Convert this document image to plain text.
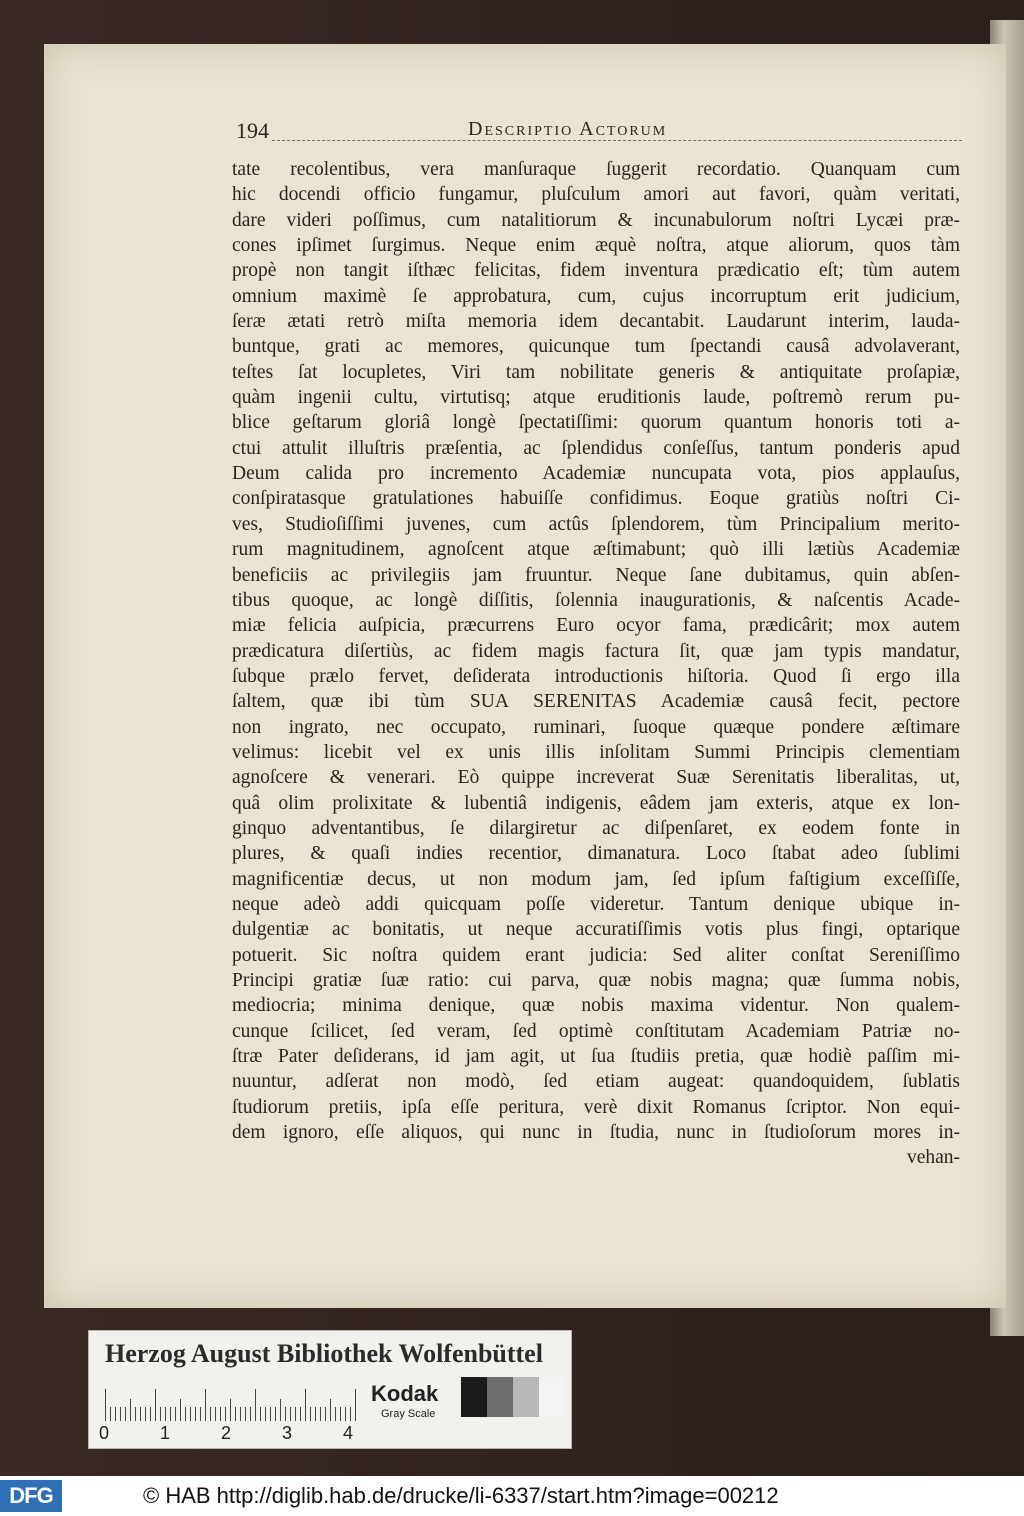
194	Descriptio Actorum
tate recolentibus, vera manſuraque ſuggerit recordatio. Quanquam cum
hic docendi officio fungamur, pluſculum amori aut favori, quàm veritati,
dare videri poſſimus, cum natalitiorum & incunabulorum noſtri Lycæi præ-
cones ipſimet ſurgimus. Neque enim æquè noſtra, atque aliorum, quos tàm
propè non tangit iſthæc felicitas, fidem inventura prædicatio eſt; tùm autem
omnium maximè ſe approbatura, cum, cujus incorruptum erit judicium,
ſeræ ætati retrò miſta memoria idem decantabit. Laudarunt interim, lauda-
buntque, grati ac memores, quicunque tum ſpectandi causâ advolaverant,
teſtes ſat locupletes, Viri tam nobilitate generis & antiquitate proſapiæ,
quàm ingenii cultu, virtutisq; atque eruditionis laude, poſtremò rerum pu-
blice geſtarum gloriâ longè ſpectatiſſimi: quorum quantum honoris toti a-
ctui attulit illuſtris præſentia, ac ſplendidus conſeſſus, tantum ponderis apud
Deum calida pro incremento Academiæ nuncupata vota, pios applauſus,
conſpiratasque gratulationes habuiſſe confidimus. Eoque gratiùs noſtri Ci-
ves, Studioſiſſimi juvenes, cum actûs ſplendorem, tùm Principalium merito-
rum magnitudinem, agnoſcent atque æſtimabunt; quò illi lætiùs Academiæ
beneficiis ac privilegiis jam fruuntur. Neque ſane dubitamus, quin abſen-
tibus quoque, ac longè diſſitis, ſolennia inaugurationis, & naſcentis Acade-
miæ felicia auſpicia, præcurrens Euro ocyor fama, prædicârit; mox autem
prædicatura diſertiùs, ac fidem magis factura ſit, quæ jam typis mandatur,
ſubque prælo fervet, deſiderata introductionis hiſtoria. Quod ſi ergo illa
ſaltem, quæ ibi tùm SUA SERENITAS Academiæ causâ fecit, pectore
non ingrato, nec occupato, ruminari, ſuoque quæque pondere æſtimare
velimus: licebit vel ex unis illis inſolitam Summi Principis clementiam
agnoſcere & venerari. Eò quippe increverat Suæ Serenitatis liberalitas, ut,
quâ olim prolixitate & lubentiâ indigenis, eâdem jam exteris, atque ex lon-
ginquo adventantibus, ſe dilargiretur ac diſpenſaret, ex eodem fonte in
plures, & quaſi indies recentior, dimanatura. Loco ſtabat adeo ſublimi
magnificentiæ decus, ut non modum jam, ſed ipſum faſtigium exceſſiſſe,
neque adeò addi quicquam poſſe videretur. Tantum denique ubique in-
dulgentiæ ac bonitatis, ut neque accuratiſſimis votis plus fingi, optarique
potuerit. Sic noſtra quidem erant judicia: Sed aliter conſtat Sereniſſimo
Principi gratiæ ſuæ ratio: cui parva, quæ nobis magna; quæ ſumma nobis,
mediocria; minima denique, quæ nobis maxima videntur. Non qualem-
cunque ſcilicet, ſed veram, ſed optimè conſtitutam Academiam Patriæ no-
ſtræ Pater deſiderans, id jam agit, ut ſua ſtudiis pretia, quæ hodiè paſſim mi-
nuuntur, adſerat non modò, ſed etiam augeat: quandoquidem, ſublatis
ſtudiorum pretiis, ipſa eſſe peritura, verè dixit Romanus ſcriptor. Non equi-
dem ignoro, eſſe aliquos, qui nunc in ſtudia, nunc in ſtudioſorum mores in-
vehan-
Herzog August Bibliothek Wolfenbüttel
0	1	2	3	4
Kodak
Gray Scale
DFG	© HAB http://diglib.hab.de/drucke/li-6337/start.htm?image=00212
